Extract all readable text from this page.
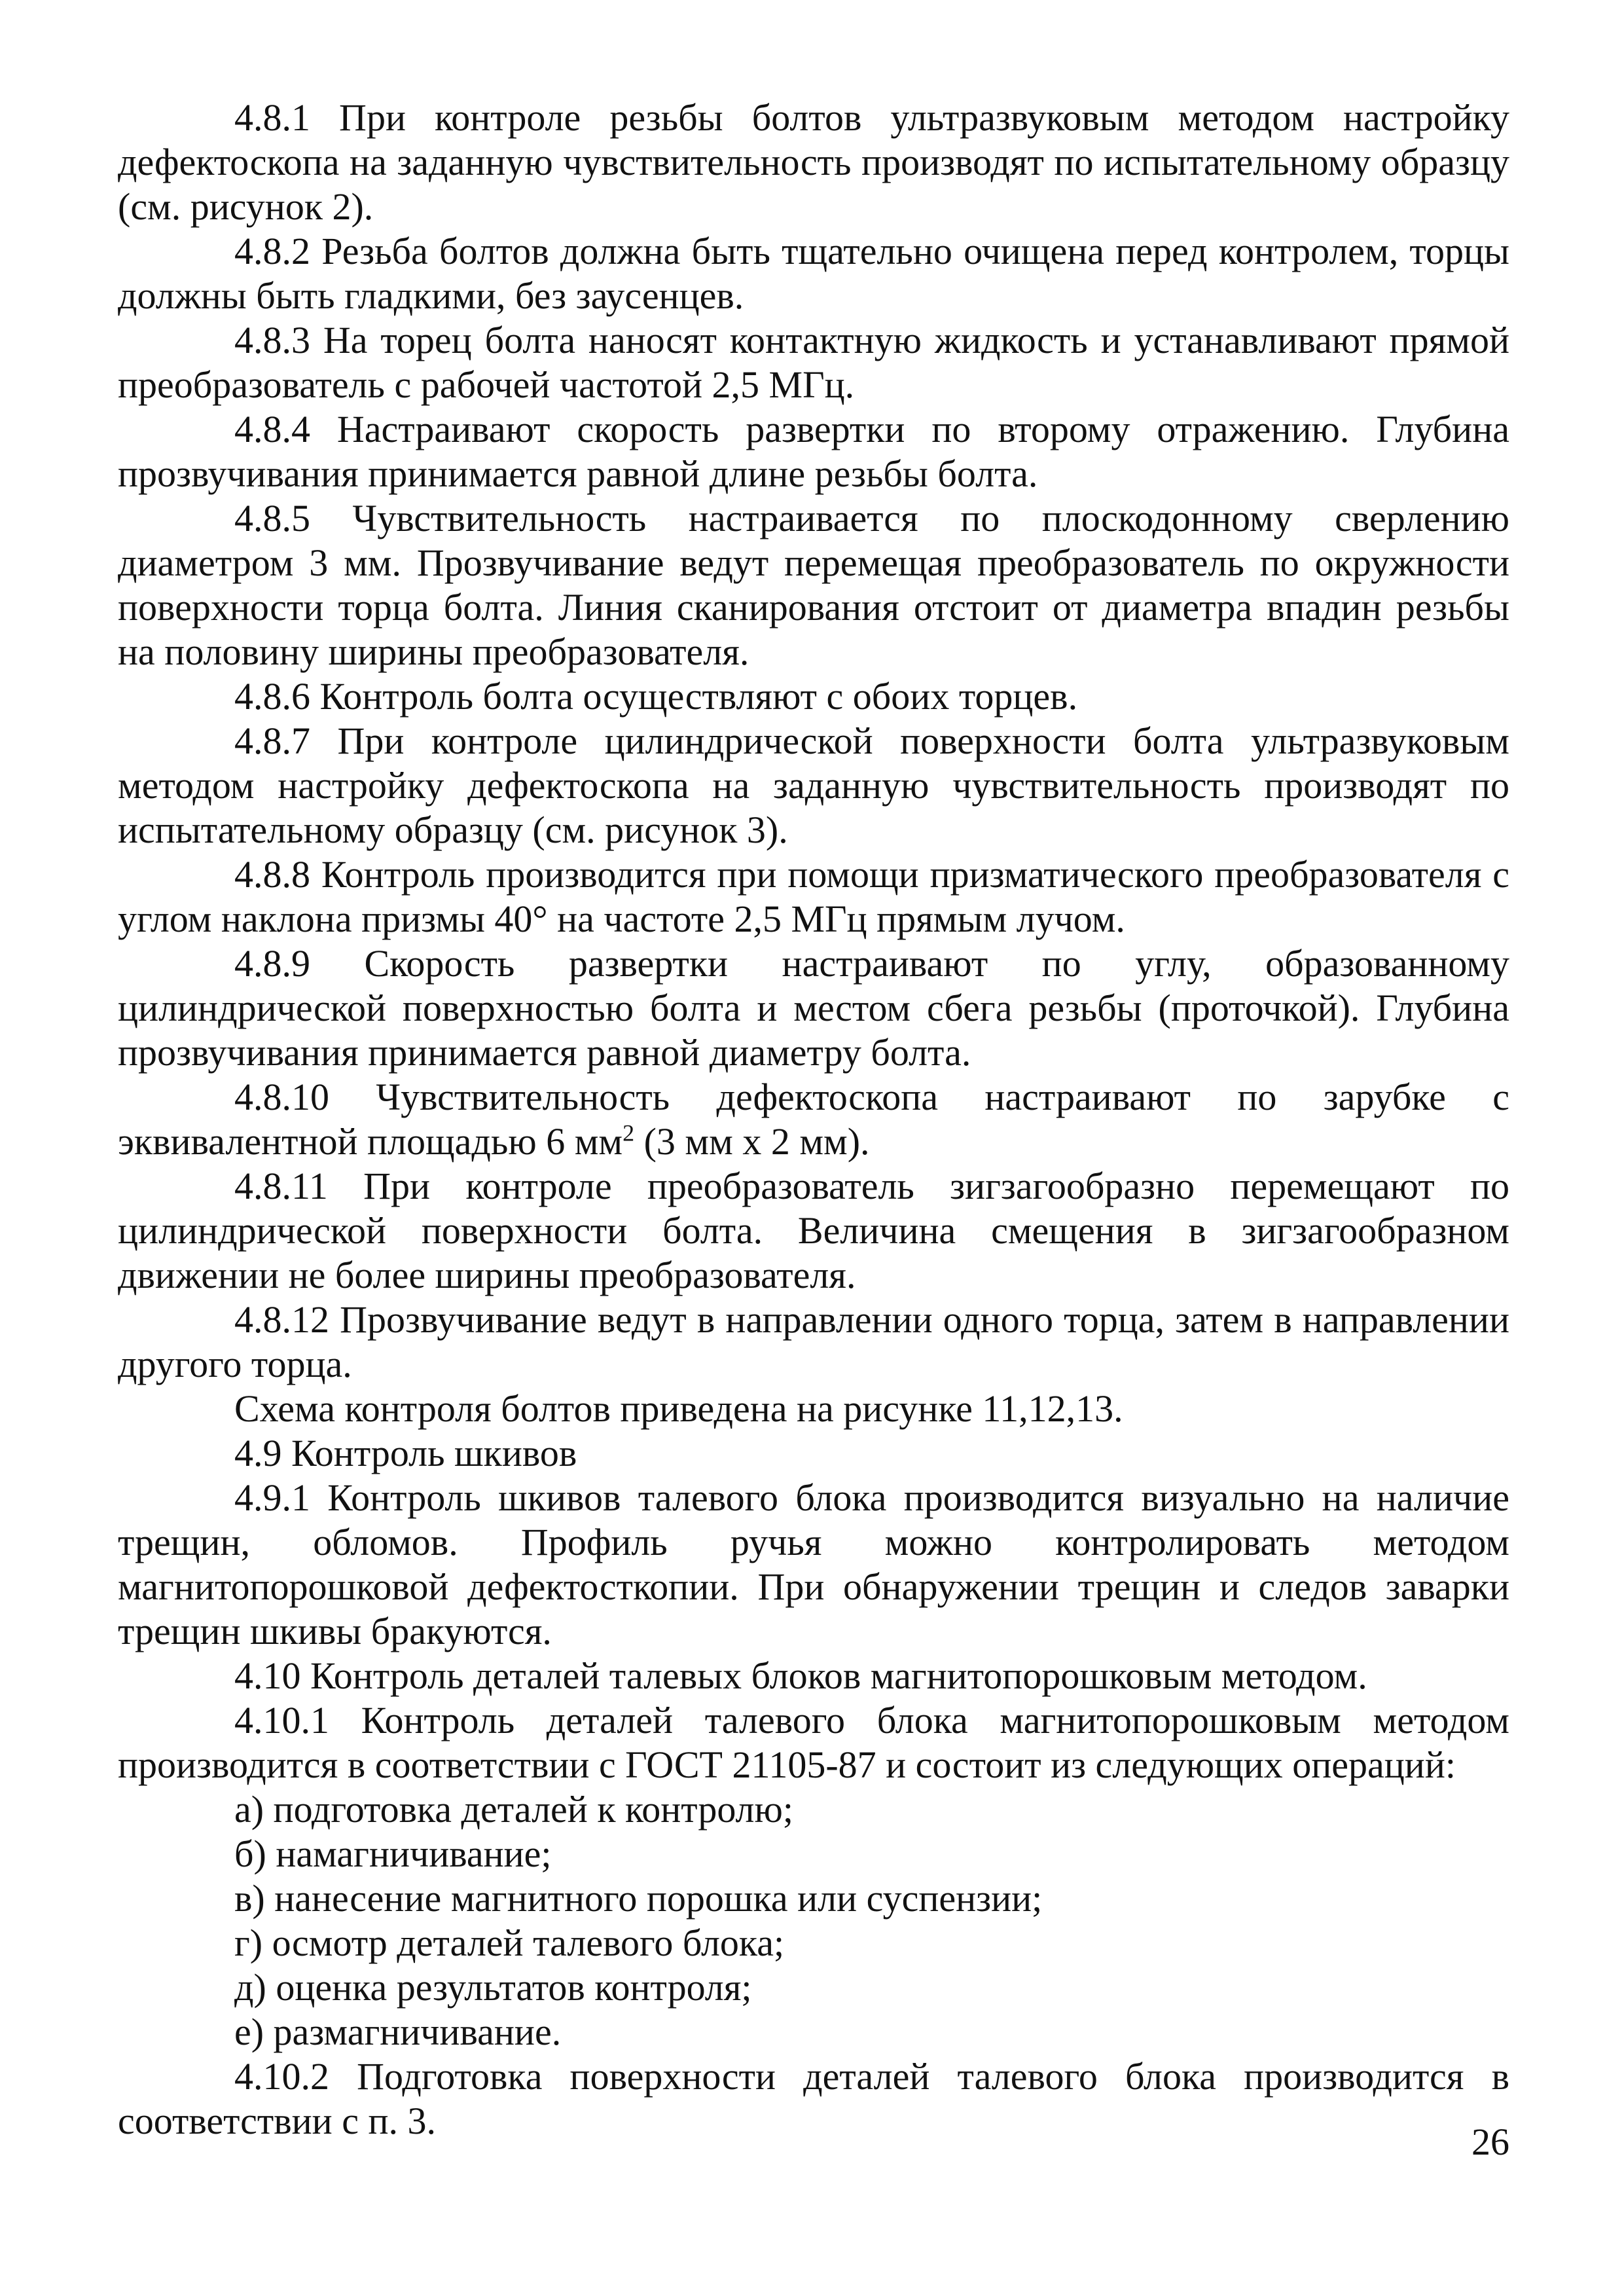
4.8.1 При контроле резьбы болтов ультразвуковым методом настройку дефектоскопа на заданную чувствительность производят по испытательному образцу (см. рисунок 2).

4.8.2 Резьба болтов должна быть тщательно очищена перед контролем, торцы должны быть гладкими, без заусенцев.

4.8.3 На торец болта наносят контактную жидкость и устанавливают прямой преобразователь с рабочей частотой 2,5 МГц.

4.8.4 Настраивают скорость развертки по второму отражению. Глубина прозвучивания принимается равной длине резьбы болта.

4.8.5 Чувствительность настраивается по плоскодонному сверлению диаметром 3 мм. Прозвучивание ведут перемещая преобразователь по окружности поверхности торца болта. Линия сканирования отстоит от диаметра впадин резьбы на половину ширины преобразователя.

4.8.6 Контроль болта осуществляют с обоих торцев.

4.8.7 При контроле цилиндрической поверхности болта ультразвуковым методом настройку дефектоскопа на заданную чувствительность производят по испытательному образцу (см. рисунок 3).

4.8.8 Контроль производится при помощи призматического преобразователя с углом наклона призмы 40° на частоте 2,5 МГц прямым лучом.

4.8.9 Скорость развертки настраивают по углу, образованному цилиндрической поверхностью болта и местом сбега резьбы (проточкой). Глубина прозвучивания принимается равной диаметру болта.

4.8.10 Чувствительность дефектоскопа настраивают по зарубке с эквивалентной площадью 6 $мм^2$ (3 мм х 2 мм).

4.8.11 При контроле преобразователь зигзагообразно перемещают по цилиндрической поверхности болта. Величина смещения в зигзагообразном движении не более ширины преобразователя.

4.8.12 Прозвучивание ведут в направлении одного торца, затем в направлении другого торца.

Схема контроля болтов приведена на рисунке 11,12,13.

4.9 Контроль шкивов

4.9.1 Контроль шкивов талевого блока производится визуально на наличие трещин, обломов. Профиль ручья можно контролировать методом магнитопорошковой дефектосткопии. При обнаружении трещин и следов заварки трещин шкивы бракуются.

4.10 Контроль деталей талевых блоков магнитопорошковым методом.

4.10.1 Контроль деталей талевого блока магнитопорошковым методом производится в соответствии с ГОСТ 21105-87 и состоит из следующих операций:

а) подготовка деталей к контролю;

б) намагничивание;

в) нанесение магнитного порошка или суспензии;

г) осмотр деталей талевого блока;

д) оценка результатов контроля;

е) размагничивание.

4.10.2 Подготовка поверхности деталей талевого блока производится в соответствии с п. 3.	26
